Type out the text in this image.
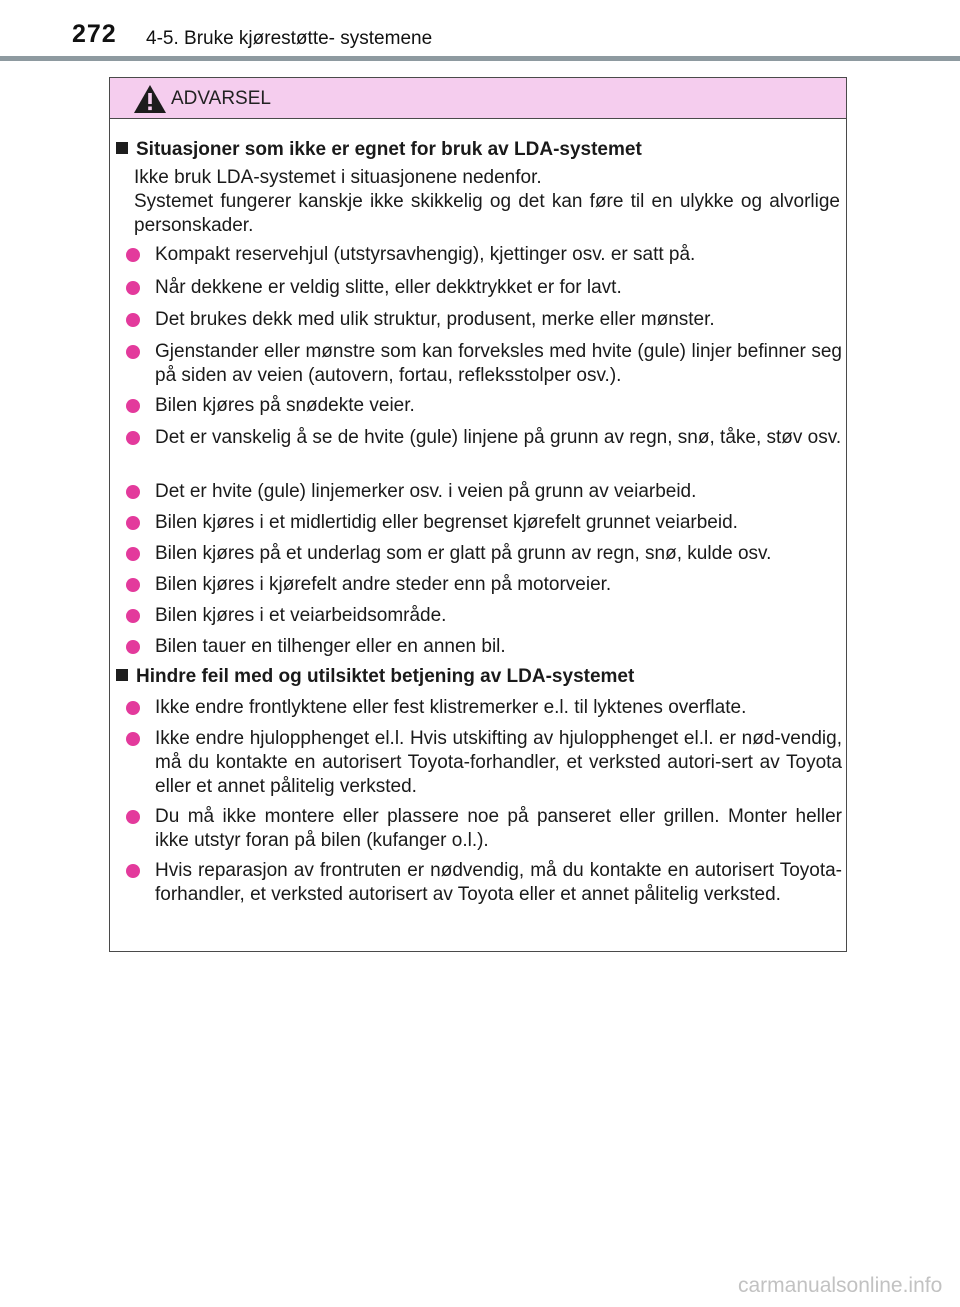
272 4-5. Bruke kjørestøtte- systemene
ADVARSEL
Situasjoner som ikke er egnet for bruk av LDA-systemet
Ikke bruk LDA-systemet i situasjonene nedenfor.
Systemet fungerer kanskje ikke skikkelig og det kan føre til en ulykke og alvorlige personskader.
Kompakt reservehjul (utstyrsavhengig), kjettinger osv. er satt på.
Når dekkene er veldig slitte, eller dekktrykket er for lavt.
Det brukes dekk med ulik struktur, produsent, merke eller mønster.
Gjenstander eller mønstre som kan forveksles med hvite (gule) linjer befinner seg på siden av veien (autovern, fortau, refleksstolper osv.).
Bilen kjøres på snødekte veier.
Det er vanskelig å se de hvite (gule) linjene på grunn av regn, snø, tåke, støv osv.
Det er hvite (gule) linjemerker osv. i veien på grunn av veiarbeid.
Bilen kjøres i et midlertidig eller begrenset kjørefelt grunnet veiarbeid.
Bilen kjøres på et underlag som er glatt på grunn av regn, snø, kulde osv.
Bilen kjøres i kjørefelt andre steder enn på motorveier.
Bilen kjøres i et veiarbeidsområde.
Bilen tauer en tilhenger eller en annen bil.
Hindre feil med og utilsiktet betjening av LDA-systemet
Ikke endre frontlyktene eller fest klistremerker e.l. til lyktenes overflate.
Ikke endre hjulopphenget el.l. Hvis utskifting av hjulopphenget el.l. er nød-vendig, må du kontakte en autorisert Toyota-forhandler, et verksted autori-sert av Toyota eller et annet pålitelig verksted.
Du må ikke montere eller plassere noe på panseret eller grillen. Monter heller ikke utstyr foran på bilen (kufanger o.l.).
Hvis reparasjon av frontruten er nødvendig, må du kontakte en autorisert Toyota-forhandler, et verksted autorisert av Toyota eller et annet pålitelig verksted.
carmanualsonline.info
